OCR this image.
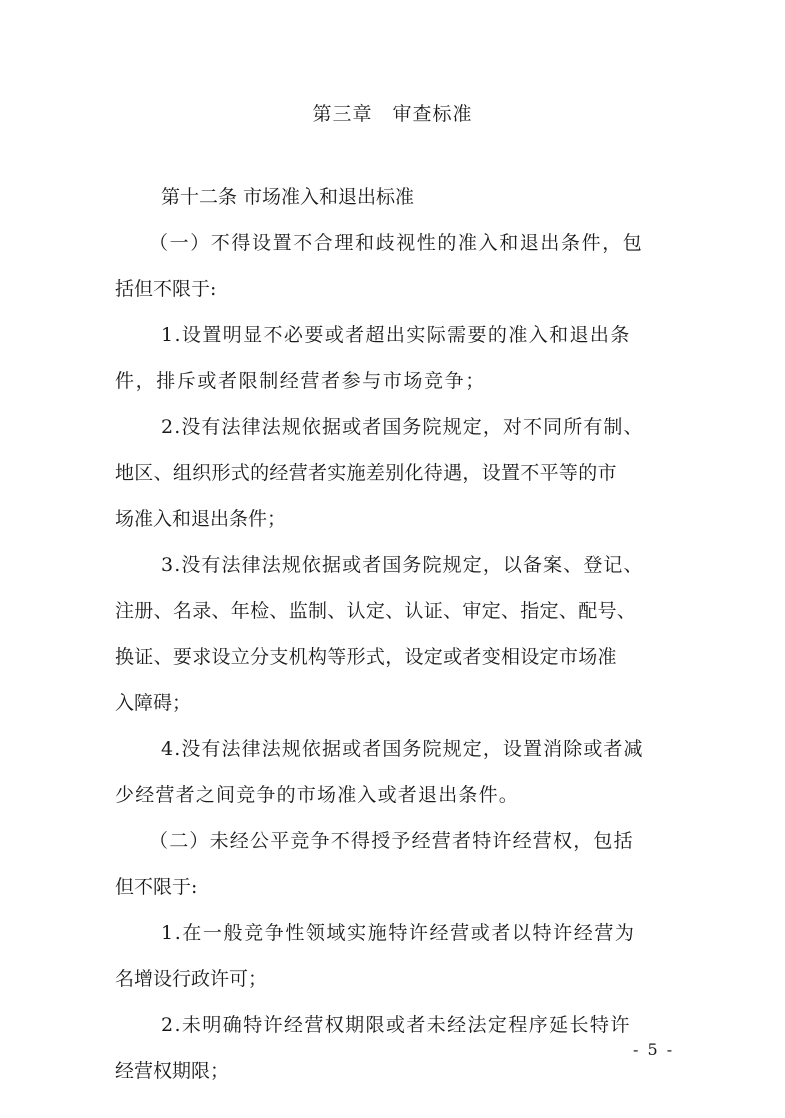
第三章　审查标准
第十二条 市场准入和退出标准
（一）不得设置不合理和歧视性的准入和退出条件，包
括但不限于:
1.设置明显不必要或者超出实际需要的准入和退出条
件，排斥或者限制经营者参与市场竞争；
2.没有法律法规依据或者国务院规定，对不同所有制、
地区、组织形式的经营者实施差别化待遇，设置不平等的市
场准入和退出条件；
3.没有法律法规依据或者国务院规定，以备案、登记、
注册、名录、年检、监制、认定、认证、审定、指定、配号、
换证、要求设立分支机构等形式，设定或者变相设定市场准
入障碍；
4.没有法律法规依据或者国务院规定，设置消除或者减
少经营者之间竞争的市场准入或者退出条件。
（二）未经公平竞争不得授予经营者特许经营权，包括
但不限于:
1.在一般竞争性领域实施特许经营或者以特许经营为
名增设行政许可；
2.未明确特许经营权期限或者未经法定程序延长特许
经营权期限；
- 5 -
